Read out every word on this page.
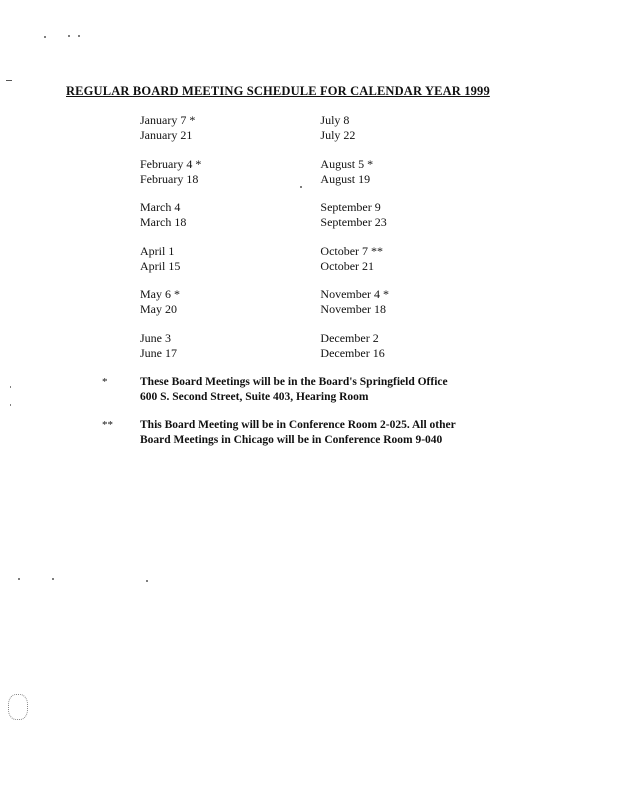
REGULAR BOARD MEETING SCHEDULE FOR CALENDAR YEAR 1999
January 7 *
January 21
July 8
July 22
February 4 *
February 18
August 5 *
August 19
March 4
March 18
September 9
September 23
April 1
April 15
October 7 **
October 21
May 6 *
May 20
November 4 *
November 18
June 3
June 17
December 2
December 16
*	These Board Meetings will be in the Board's Springfield Office
600 S. Second Street, Suite 403, Hearing Room
**	This Board Meeting will be in Conference Room 2-025. All other
Board Meetings in Chicago will be in Conference Room 9-040
